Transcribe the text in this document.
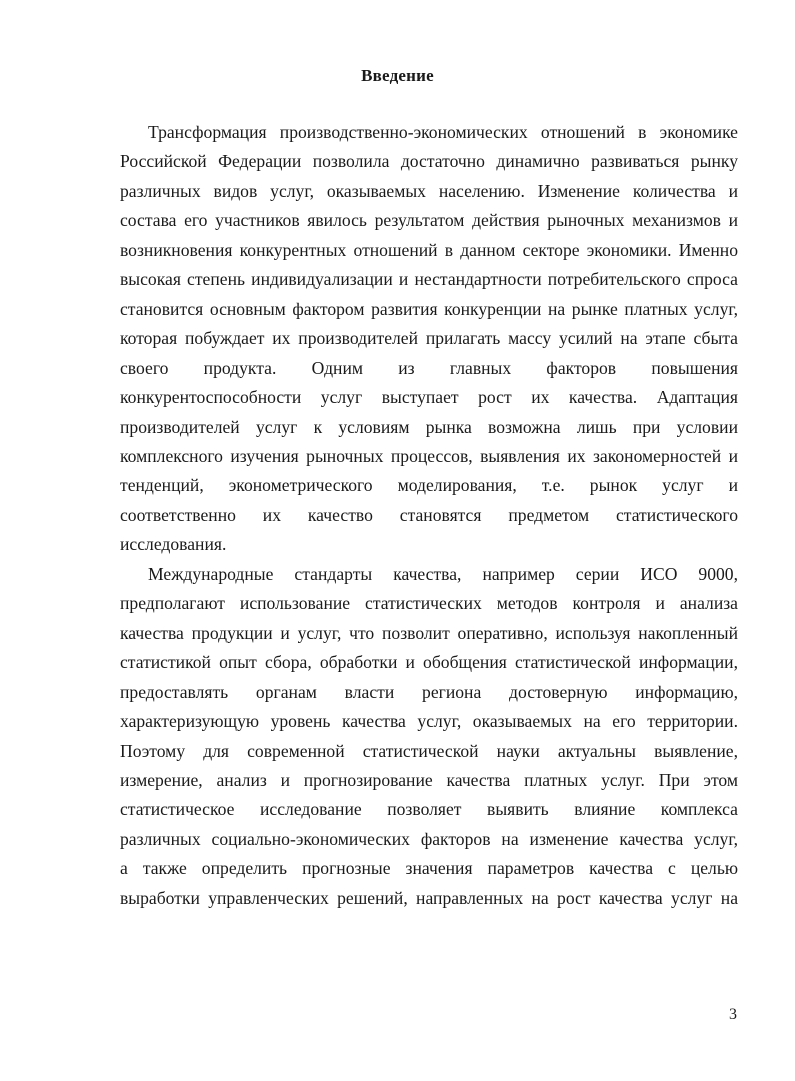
Введение
Трансформация производственно-экономических отношений в экономике
Российской Федерации позволила достаточно динамично развиваться рынку
различных видов услуг, оказываемых населению. Изменение количества и
состава его участников явилось результатом действия рыночных механизмов и
возникновения конкурентных отношений в данном секторе экономики. Именно
высокая степень индивидуализации и нестандартности потребительского спроса
становится основным фактором развития конкуренции на рынке платных услуг,
которая побуждает их производителей прилагать массу усилий на этапе сбыта
своего продукта. Одним из главных факторов повышения
конкурентоспособности услуг выступает рост их качества. Адаптация
производителей услуг к условиям рынка возможна лишь при условии
комплексного изучения рыночных процессов, выявления их закономерностей и
тенденций, эконометрического моделирования, т.е. рынок услуг и
соответственно их качество становятся предметом статистического
исследования.
Международные стандарты качества, например серии ИСО 9000,
предполагают использование статистических методов контроля и анализа
качества продукции и услуг, что позволит оперативно, используя накопленный
статистикой опыт сбора, обработки и обобщения статистической информации,
предоставлять органам власти региона достоверную информацию,
характеризующую уровень качества услуг, оказываемых на его территории.
Поэтому для современной статистической науки актуальны выявление,
измерение, анализ и прогнозирование качества платных услуг. При этом
статистическое исследование позволяет выявить влияние комплекса
различных социально-экономических факторов на изменение качества услуг,
а также определить прогнозные значения параметров качества с целью
выработки управленческих решений, направленных на рост качества услуг на
3
